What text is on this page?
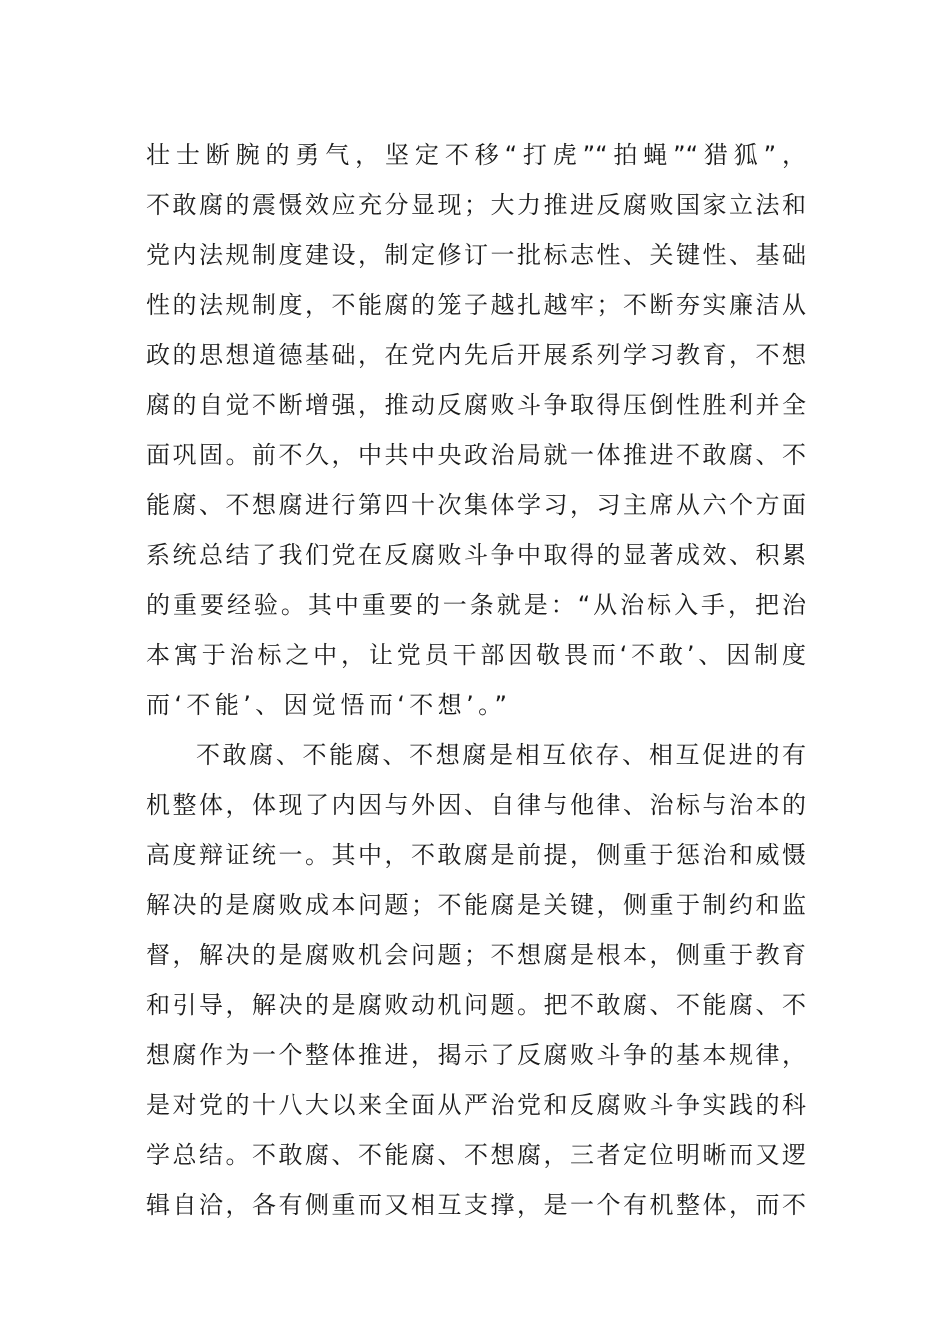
壮士断腕的勇气，坚定不移“打虎”“拍蝇”“猎狐”，
不敢腐的震慑效应充分显现；大力推进反腐败国家立法和
党内法规制度建设，制定修订一批标志性、关键性、基础
性的法规制度，不能腐的笼子越扎越牢；不断夯实廉洁从
政的思想道德基础，在党内先后开展系列学习教育，不想
腐的自觉不断增强，推动反腐败斗争取得压倒性胜利并全
面巩固。前不久，中共中央政治局就一体推进不敢腐、不
能腐、不想腐进行第四十次集体学习，习主席从六个方面
系统总结了我们党在反腐败斗争中取得的显著成效、积累
的重要经验。其中重要的一条就是：“从治标入手，把治
本寓于治标之中，让党员干部因敬畏而‘不敢’、因制度
而‘不能’、因觉悟而‘不想’。”
不敢腐、不能腐、不想腐是相互依存、相互促进的有
机整体，体现了内因与外因、自律与他律、治标与治本的
高度辩证统一。其中，不敢腐是前提，侧重于惩治和威慑
解决的是腐败成本问题；不能腐是关键，侧重于制约和监
督，解决的是腐败机会问题；不想腐是根本，侧重于教育
和引导，解决的是腐败动机问题。把不敢腐、不能腐、不
想腐作为一个整体推进，揭示了反腐败斗争的基本规律，
是对党的十八大以来全面从严治党和反腐败斗争实践的科
学总结。不敢腐、不能腐、不想腐，三者定位明晰而又逻
辑自洽，各有侧重而又相互支撑，是一个有机整体，而不
